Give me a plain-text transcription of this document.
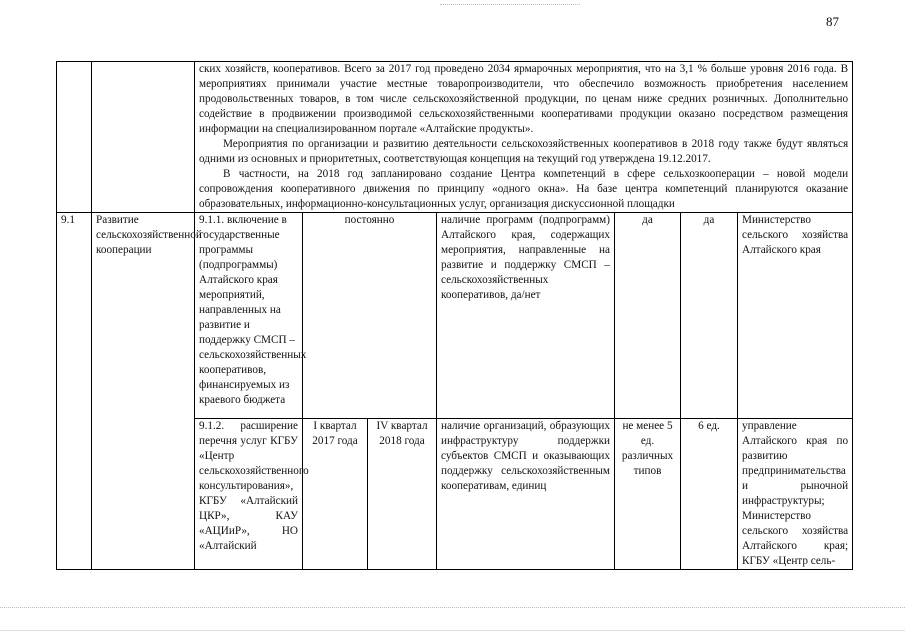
87

		ских хозяйств, кооперативов. Всего за 2017 год проведено 2034 ярмарочных мероприятия, что на 3,1 % больше уровня 2016 года. В мероприятиях принимали участие местные товаропроизводители, что обеспечило возможность приобретения населением продовольственных товаров, в том числе сельскохозяйственной продукции, по ценам ниже средних розничных. Дополнительно содействие в продвижении производимой сельскохозяйственными кооперативами продукции оказано посредством размещения информации на специализированном портале «Алтайские продукты».

Мероприятия по организации и развитию деятельности сельскохозяйственных кооперативов в 2018 году также будут являться одними из основных и приоритетных, соответствующая концепция на текущий год утверждена 19.12.2017.

В частности, на 2018 год запланировано создание Центра компетенций в сфере сельхозкооперации – новой модели сопровождения кооперативного движения по принципу «одного окна». На базе центра компетенций планируются оказание образовательных, информационно-консультационных услуг, организация дискуссионной площадки						

9.1	Развитие сельскохозяйственной кооперации	9.1.1. включение в государственные программы (подпрограммы) Алтайского края мероприятий, направленных на развитие и поддержку СМСП – сельскохозяйственных кооперативов, финансируемых из краевого бюджета	постоянно		наличие программ (подпрограмм) Алтайского края, содержащих мероприятия, направленные на развитие и поддержку СМСП – сельскохозяйственных кооперативов, да/нет	да	да	Министерство сельского хозяйства Алтайского края
		9.1.2. расширение перечня услуг КГБУ «Центр сельскохозяйственного консультирования», КГБУ «Алтайский ЦКР», КАУ «АЦИиР», НО «Алтайский	I квартал 2017 года	IV квартал 2018 года	наличие организаций, образующих инфраструктуру поддержки субъектов СМСП и оказывающих поддержку сельскохозяйственным кооперативам, единиц	не менее 5 ед. различных типов	6 ед.	управление Алтайского края по развитию предпринимательства и рыночной инфраструктуры; Министерство сельского хозяйства Алтайского края; КГБУ «Центр сель-
